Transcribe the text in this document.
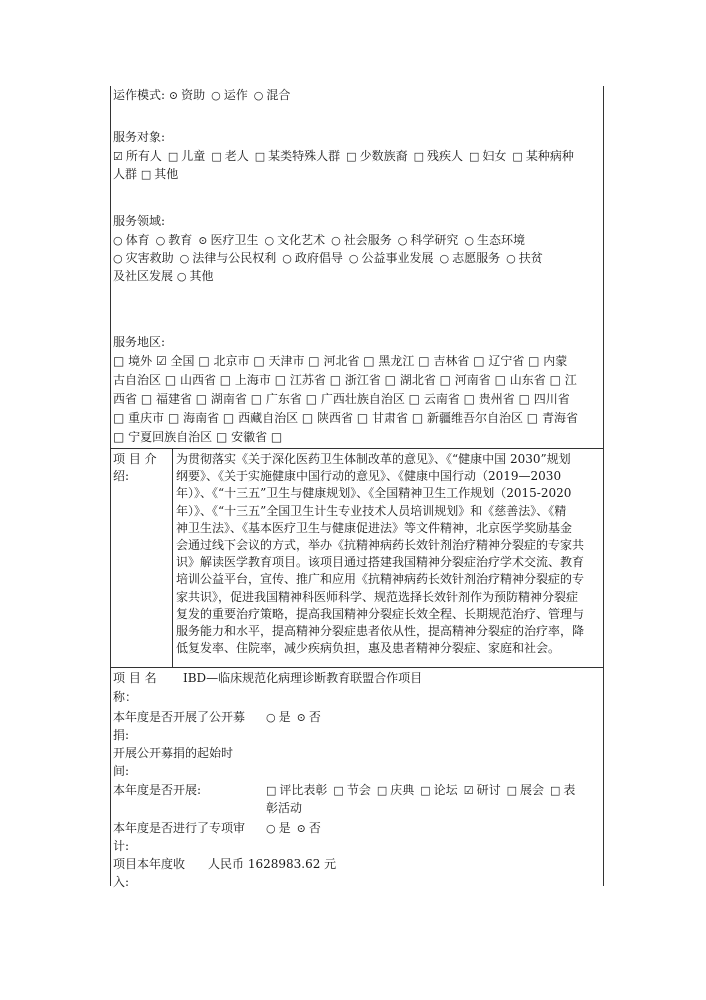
运作模式: ⊙ 资助 ○ 运作 ○ 混合
服务对象:
☑ 所有人 □ 儿童 □ 老人 □ 某类特殊人群 □ 少数族裔 □ 残疾人 □ 妇女 □ 某种病种
人群 □ 其他
服务领域:
○ 体育 ○ 教育 ⊙ 医疗卫生 ○ 文化艺术 ○ 社会服务 ○ 科学研究 ○ 生态环境
○ 灾害救助 ○ 法律与公民权利 ○ 政府倡导 ○ 公益事业发展 ○ 志愿服务 ○ 扶贫
及社区发展 ○ 其他
服务地区:
□ 境外 ☑ 全国 □ 北京市 □ 天津市 □ 河北省 □ 黑龙江 □ 吉林省 □ 辽宁省 □ 内蒙
古自治区 □ 山西省 □ 上海市 □ 江苏省 □ 浙江省 □ 湖北省 □ 河南省 □ 山东省 □ 江
西省 □ 福建省 □ 湖南省 □ 广东省 □ 广西壮族自治区 □ 云南省 □ 贵州省 □ 四川省
□ 重庆市 □ 海南省 □ 西藏自治区 □ 陕西省 □ 甘肃省 □ 新疆维吾尔自治区 □ 青海省
□ 宁夏回族自治区 □ 安徽省 □
项 目 介
绍:
为贯彻落实《关于深化医药卫生体制改革的意见》、《“健康中国 2030”规划
纲要》、《关于实施健康中国行动的意见》、《健康中国行动（2019—2030
年）》、《“十三五”卫生与健康规划》、《全国精神卫生工作规划（2015-2020
年）》、《“十三五”全国卫生计生专业技术人员培训规划》和《慈善法》、《精
神卫生法》、《基本医疗卫生与健康促进法》等文件精神，北京医学奖励基金
会通过线下会议的方式，举办《抗精神病药长效针剂治疗精神分裂症的专家共
识》解读医学教育项目。该项目通过搭建我国精神分裂症治疗学术交流、教育
培训公益平台，宣传、推广和应用《抗精神病药长效针剂治疗精神分裂症的专
家共识》，促进我国精神科医师科学、规范选择长效针剂作为预防精神分裂症
复发的重要治疗策略，提高我国精神分裂症长效全程、长期规范治疗、管理与
服务能力和水平，提高精神分裂症患者依从性，提高精神分裂症的治疗率，降
低复发率、住院率，减少疾病负担，惠及患者精神分裂症、家庭和社会。
项 目 名
称：
IBD—临床规范化病理诊断教育联盟合作项目
本年度是否开展了公开募
捐:
○ 是 ⊙ 否
开展公开募捐的起始时
间:
本年度是否开展:	□ 评比表彰 □ 节会 □ 庆典 □ 论坛 ☑ 研讨 □ 展会 □ 表
彰活动
本年度是否进行了专项审
计:
○ 是 ⊙ 否
项目本年度收
入:
人民币 1628983.62 元
